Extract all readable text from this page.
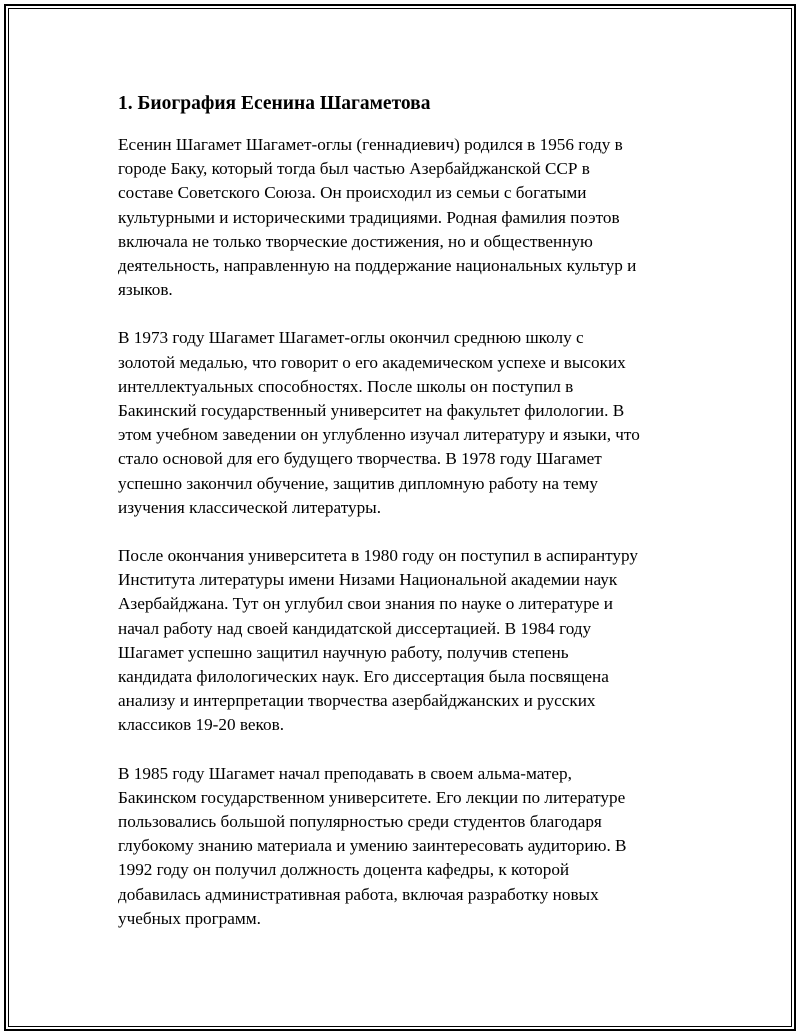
1. Биография Есенина Шагаметова

Есенин Шагамет Шагамет-оглы (геннадиевич) родился в 1956 году в
городе Баку, который тогда был частью Азербайджанской ССР в
составе Советского Союза. Он происходил из семьи с богатыми
культурными и историческими традициями. Родная фамилия поэтов
включала не только творческие достижения, но и общественную
деятельность, направленную на поддержание национальных культур и
языков.

В 1973 году Шагамет Шагамет-оглы окончил среднюю школу с
золотой медалью, что говорит о его академическом успехе и высоких
интеллектуальных способностях. После школы он поступил в
Бакинский государственный университет на факультет филологии. В
этом учебном заведении он углубленно изучал литературу и языки, что
стало основой для его будущего творчества. В 1978 году Шагамет
успешно закончил обучение, защитив дипломную работу на тему
изучения классической литературы.

После окончания университета в 1980 году он поступил в аспирантуру
Института литературы имени Низами Национальной академии наук
Азербайджана. Тут он углубил свои знания по науке о литературе и
начал работу над своей кандидатской диссертацией. В 1984 году
Шагамет успешно защитил научную работу, получив степень
кандидата филологических наук. Его диссертация была посвящена
анализу и интерпретации творчества азербайджанских и русских
классиков 19-20 веков.

В 1985 году Шагамет начал преподавать в своем альма-матер,
Бакинском государственном университете. Его лекции по литературе
пользовались большой популярностью среди студентов благодаря
глубокому знанию материала и умению заинтересовать аудиторию. В
1992 году он получил должность доцента кафедры, к которой
добавилась административная работа, включая разработку новых
учебных программ.
